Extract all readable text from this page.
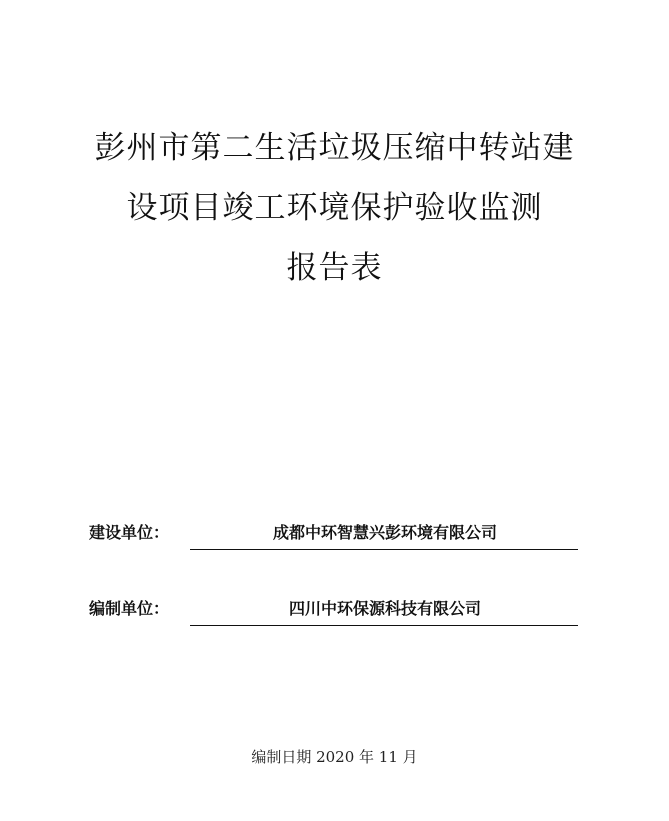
彭州市第二生活垃圾压缩中转站建
设项目竣工环境保护验收监测
报告表
建设单位：	成都中环智慧兴彭环境有限公司
编制单位：	四川中环保源科技有限公司
编制日期 2020 年 11 月
